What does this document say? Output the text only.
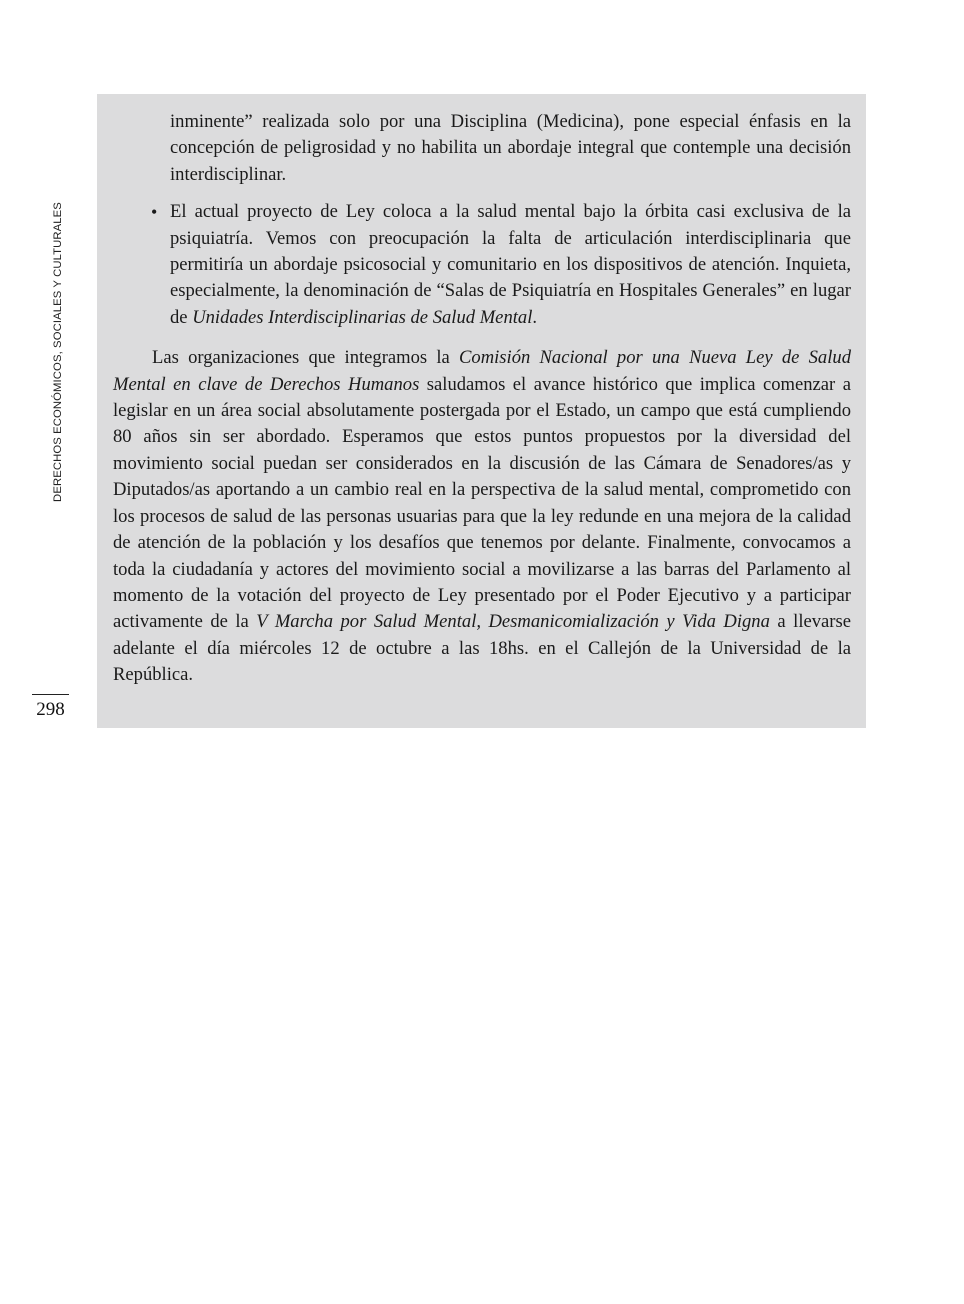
DERECHOS ECONÓMICOS, SOCIALES Y CULTURALES
298

inminente” realizada solo por una Disciplina (Medicina), pone especial énfasis en la concepción de peligrosidad y no habilita un abordaje integral que contemple una decisión interdisciplinar.

• El actual proyecto de Ley coloca a la salud mental bajo la órbita casi exclusiva de la psiquiatría. Vemos con preocupación la falta de articulación interdisciplinaria que permitiría un abordaje psicosocial y comunitario en los dispositivos de atención. Inquieta, especialmente, la denominación de “Salas de Psiquiatría en Hospitales Generales” en lugar de Unidades Interdisciplinarias de Salud Mental.

Las organizaciones que integramos la Comisión Nacional por una Nueva Ley de Salud Mental en clave de Derechos Humanos saludamos el avance histórico que implica comenzar a legislar en un área social absolutamente postergada por el Estado, un campo que está cumpliendo 80 años sin ser abordado. Esperamos que estos puntos propuestos por la diversidad del movimiento social puedan ser considerados en la discusión de las Cámara de Senadores/as y Diputados/as aportando a un cambio real en la perspectiva de la salud mental, comprometido con los procesos de salud de las personas usuarias para que la ley redunde en una mejora de la calidad de atención de la población y los desafíos que tenemos por delante. Finalmente, convocamos a toda la ciudadanía y actores del movimiento social a movilizarse a las barras del Parlamento al momento de la votación del proyecto de Ley presentado por el Poder Ejecutivo y a participar activamente de la V Marcha por Salud Mental, Desmanicomialización y Vida Digna a llevarse adelante el día miércoles 12 de octubre a las 18hs. en el Callejón de la Universidad de la República.
